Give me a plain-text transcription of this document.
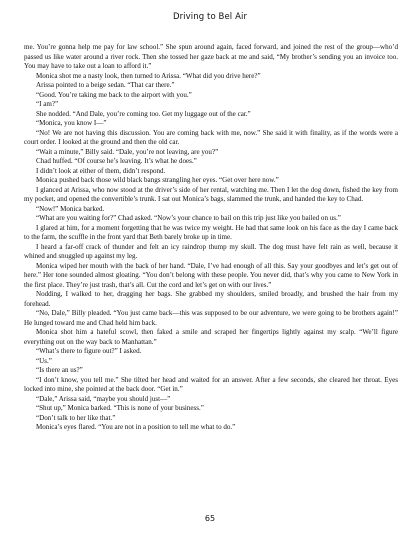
Driving to Bel Air

me. You’re gonna help me pay for law school.” She spun around again, faced forward, and joined the rest of the group—who’d passed us like water around a river rock. Then she tossed her gaze back at me and said, “My brother’s sending you an invoice too. You may have to take out a loan to afford it.”

Monica shot me a nasty look, then turned to Arissa. “What did you drive here?”

Arissa pointed to a beige sedan. “That car there.”

“Good. You’re taking me back to the airport with you.”

“I am?”

She nodded. “And Dale, you’re coming too. Get my luggage out of the car.”

“Monica, you know I—”

“No! We are not having this discussion. You are coming back with me, now.” She said it with finality, as if the words were a court order. I looked at the ground and then the old car.

“Wait a minute,” Billy said. “Dale, you’re not leaving, are you?”

Chad huffed. “Of course he’s leaving. It’s what he does.”

I didn’t look at either of them, didn’t respond.

Monica pushed back those wild black bangs strangling her eyes. “Get over here now.”

I glanced at Arissa, who now stood at the driver’s side of her rental, watching me. Then I let the dog down, fished the key from my pocket, and opened the convertible’s trunk. I sat out Monica’s bags, slammed the trunk, and handed the key to Chad.

“Now!” Monica barked.

“What are you waiting for?” Chad asked. “Now’s your chance to bail on this trip just like you bailed on us.”

I glared at him, for a moment forgetting that he was twice my weight. He had that same look on his face as the day I came back to the farm, the scuffle in the front yard that Beth barely broke up in time.

I heard a far-off crack of thunder and felt an icy raindrop thump my skull. The dog must have felt rain as well, because it whined and snuggled up against my leg.

Monica wiped her mouth with the back of her hand. “Dale, I’ve had enough of all this. Say your goodbyes and let’s get out of here.” Her tone sounded almost gloating. “You don’t belong with these people. You never did, that’s why you came to New York in the first place. They’re just trash, that’s all. Cut the cord and let’s get on with our lives.”

Nodding, I walked to her, dragging her bags. She grabbed my shoulders, smiled broadly, and brushed the hair from my forehead.

“No, Dale,” Billy pleaded. “You just came back—this was supposed to be our adventure, we were going to be brothers again!” He lunged toward me and Chad held him back.

Monica shot him a hateful scowl, then faked a smile and scraped her fingertips lightly against my scalp. “We’ll figure everything out on the way back to Manhattan.”

“What’s there to figure out?” I asked.

“Us.”

“Is there an us?”

“I don’t know, you tell me.” She tilted her head and waited for an answer. After a few seconds, she cleared her throat. Eyes locked into mine, she pointed at the back door. “Get in.”

“Dale,” Arissa said, “maybe you should just—”

“Shut up,” Monica barked. “This is none of your business.”

“Don’t talk to her like that.”

Monica’s eyes flared. “You are not in a position to tell me what to do.”

65
